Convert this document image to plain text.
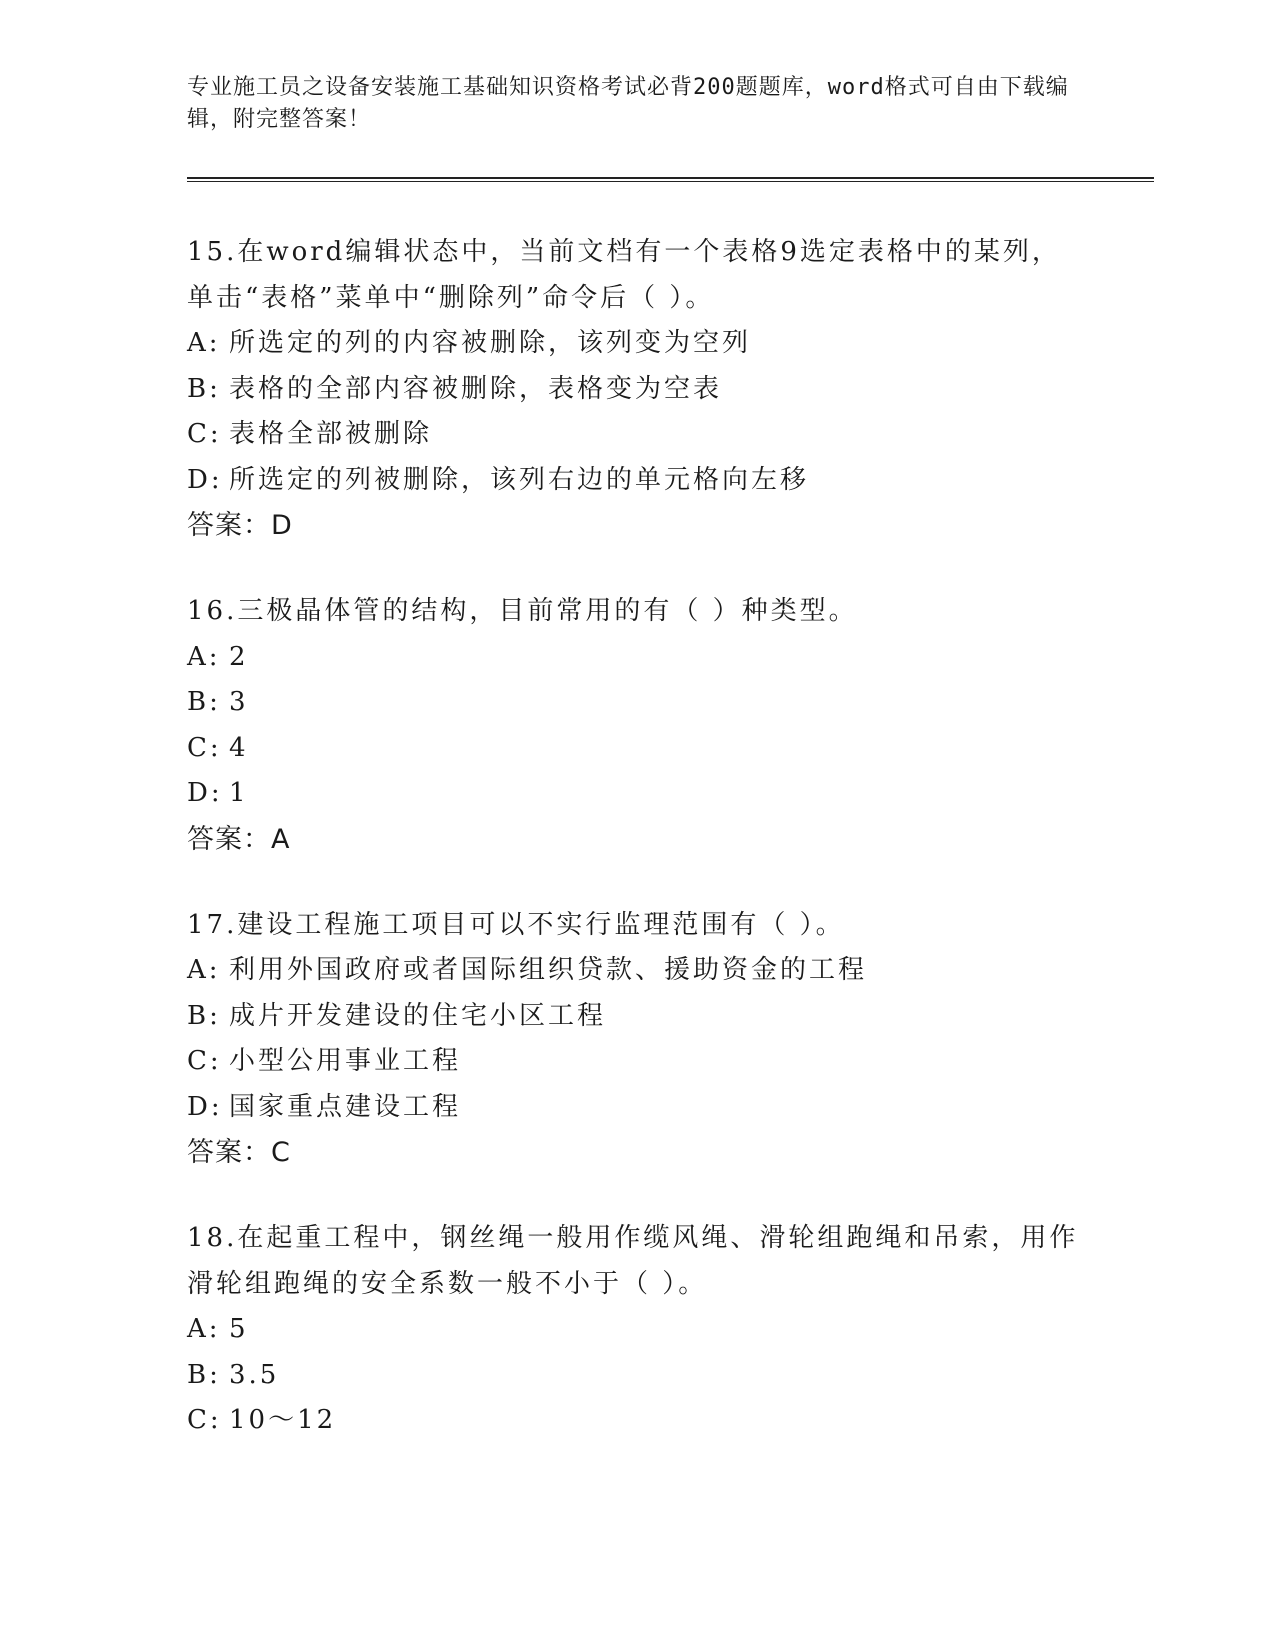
专业施工员之设备安装施工基础知识资格考试必背200题题库，word格式可自由下载编辑，附完整答案！
15.在word编辑状态中，当前文档有一个表格9选定表格中的某列，单击“表格”菜单中“删除列”命令后（ ）。
A: 所选定的列的内容被删除，该列变为空列
B: 表格的全部内容被删除，表格变为空表
C: 表格全部被删除
D: 所选定的列被删除，该列右边的单元格向左移
答案：D
16.三极晶体管的结构，目前常用的有（ ）种类型。
A: 2
B: 3
C: 4
D: 1
答案：A
17.建设工程施工项目可以不实行监理范围有（ ）。
A: 利用外国政府或者国际组织贷款、援助资金的工程
B: 成片开发建设的住宅小区工程
C: 小型公用事业工程
D: 国家重点建设工程
答案：C
18.在起重工程中，钢丝绳一般用作缆风绳、滑轮组跑绳和吊索，用作滑轮组跑绳的安全系数一般不小于（ ）。
A: 5
B: 3.5
C: 10～12
